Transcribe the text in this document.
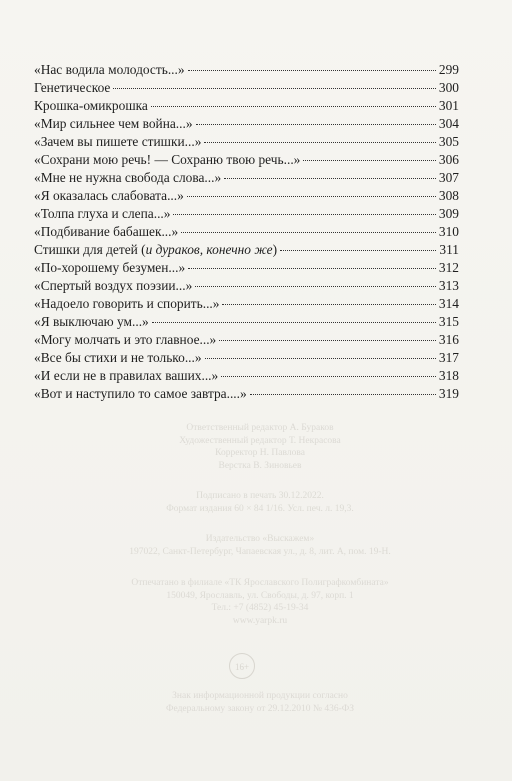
«Нас водила молодость...»	299
Генетическое	300
Крошка-омикрошка	301
«Мир сильнее чем война...»	304
«Зачем вы пишете стишки...»	305
«Сохрани мою речь! — Сохраню твою речь...»	306
«Мне не нужна свобода слова...»	307
«Я оказалась слабовата...»	308
«Толпа глуха и слепа...»	309
«Подбивание бабашек...»	310
Стишки для детей (и дураков, конечно же)	311
«По-хорошему безумен...»	312
«Спертый воздух поэзии...»	313
«Надоело говорить и спорить...»	314
«Я выключаю ум...»	315
«Могу молчать и это главное...»	316
«Все бы стихи и не только...»	317
«И если не в правилах ваших...»	318
«Вот и наступило то самое завтра....»	319
Ответственный редактор А. Бураков
Художественный редактор Т. Некрасова
Корректор Н. Павлова
Верстка В. Зиновьев
Подписано в печать 30.12.2022.
Формат издания 60 × 84 1/16. Усл. печ. л. 19,3.
Издательство «Выскажем»
197022, Санкт-Петербург, Чапаевская ул., д. 8, лит. А, пом. 19-Н.
Отпечатано в филиале «ТК Ярославского Полиграфкомбината»
150049, Ярославль, ул. Свободы, д. 97, корп. 1
Тел.: +7 (4852) 45-19-34
www.yarpk.ru
16+
Знак информационной продукции согласно
Федеральному закону от 29.12.2010 № 436-ФЗ
